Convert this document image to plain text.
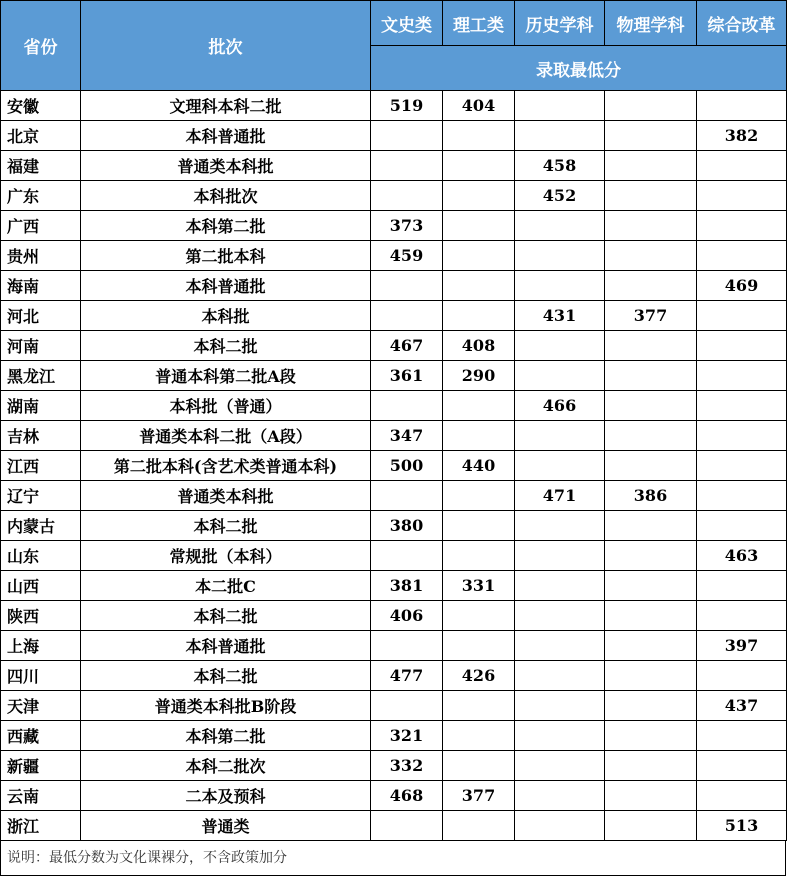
省份	批次	文史类	理工类	历史学科	物理学科	综合改革
		录取最低分				
安徽	文理科本科二批	519	404			
北京	本科普通批					382
福建	普通类本科批			458		
广东	本科批次			452		
广西	本科第二批	373				
贵州	第二批本科	459				
海南	本科普通批					469
河北	本科批			431	377	
河南	本科二批	467	408			
黑龙江	普通本科第二批A段	361	290			
湖南	本科批（普通）			466		
吉林	普通类本科二批（A段）	347				
江西	第二批本科(含艺术类普通本科)	500	440			
辽宁	普通类本科批			471	386	
内蒙古	本科二批	380				
山东	常规批（本科）					463
山西	本二批C	381	331			
陕西	本科二批	406				
上海	本科普通批					397
四川	本科二批	477	426			
天津	普通类本科批B阶段					437
西藏	本科第二批	321				
新疆	本科二批次	332				
云南	二本及预科	468	377			
浙江	普通类					513
说明：最低分数为文化课裸分，不含政策加分
